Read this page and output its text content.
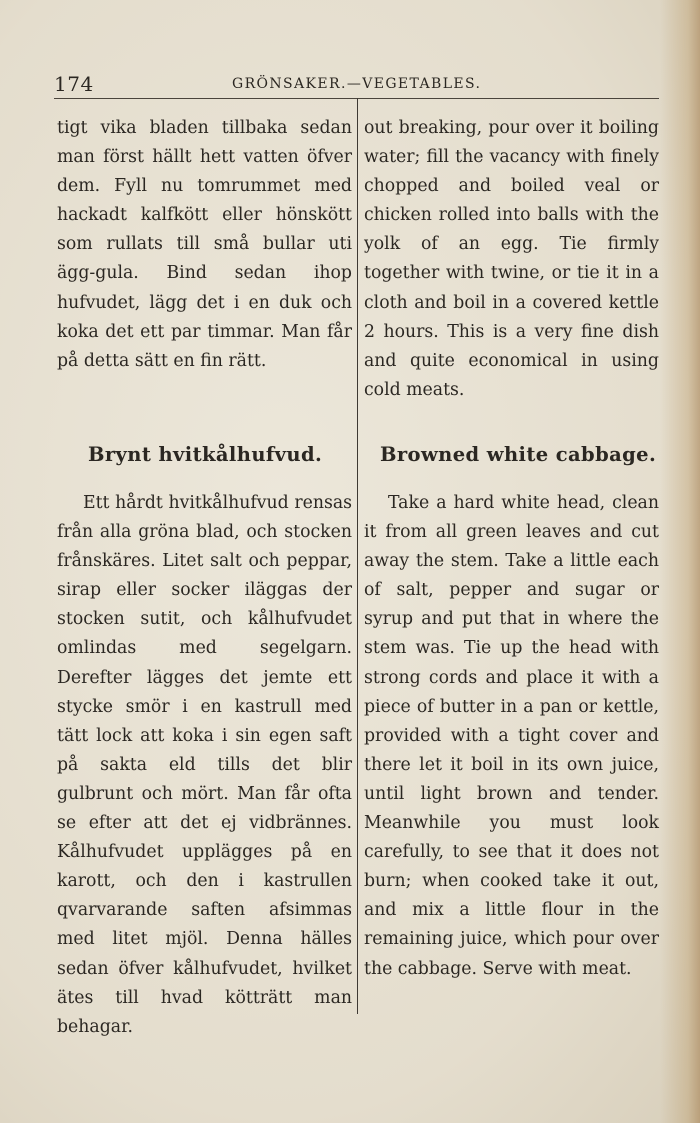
174	GRÖNSAKER.—VEGETABLES.
tigt vika bladen tillbaka sedan man först hällt hett vatten öfver dem. Fyll nu tomrummet med hackadt kalfkött eller hönskött som rullats till små bullar uti ägg-gula. Bind sedan ihop hufvudet, lägg det i en duk och koka det ett par timmar. Man får på detta sätt en fin rätt.
out breaking, pour over it boiling water; fill the vacancy with finely chopped and boiled veal or chicken rolled into balls with the yolk of an egg. Tie firmly together with twine, or tie it in a cloth and boil in a covered kettle 2 hours. This is a very fine dish and quite economical in using cold meats.
Brynt hvitkålhufvud.	Browned white cabbage.
Ett hårdt hvitkålhufvud rensas från alla gröna blad, och stocken frånskäres. Litet salt och peppar, sirap eller socker iläggas der stocken sutit, och kålhufvudet omlindas med segelgarn. Derefter lägges det jemte ett stycke smör i en kastrull med tätt lock att koka i sin egen saft på sakta eld tills det blir gulbrunt och mört. Man får ofta se efter att det ej vidbrännes. Kålhufvudet upplägges på en karott, och den i kastrullen qvarvarande saften afsimmas med litet mjöl. Denna hälles sedan öfver kålhufvudet, hvilket ätes till hvad kötträtt man behagar.
Take a hard white head, clean it from all green leaves and cut away the stem. Take a little each of salt, pepper and sugar or syrup and put that in where the stem was. Tie up the head with strong cords and place it with a piece of butter in a pan or kettle, provided with a tight cover and there let it boil in its own juice, until light brown and tender. Meanwhile you must look carefully, to see that it does not burn; when cooked take it out, and mix a little flour in the remaining juice, which pour over the cabbage. Serve with meat.
